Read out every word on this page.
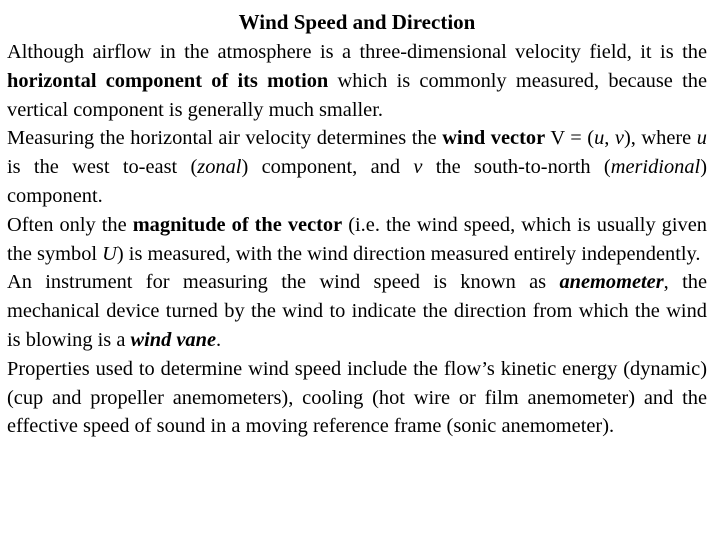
Wind Speed and Direction

Although airflow in the atmosphere is a three-dimensional velocity field, it is the horizontal component of its motion which is commonly measured, because the vertical component is generally much smaller.

Measuring the horizontal air velocity determines the wind vector V = (u, v), where u is the west to-east (zonal) component, and v the south-to-north (meridional) component.

Often only the magnitude of the vector (i.e. the wind speed, which is usually given the symbol U) is measured, with the wind direction measured entirely independently.

An instrument for measuring the wind speed is known as anemometer, the mechanical device turned by the wind to indicate the direction from which the wind is blowing is a wind vane.

Properties used to determine wind speed include the flow’s kinetic energy (dynamic) (cup and propeller anemometers), cooling (hot wire or film anemometer) and the effective speed of sound in a moving reference frame (sonic anemometer).
